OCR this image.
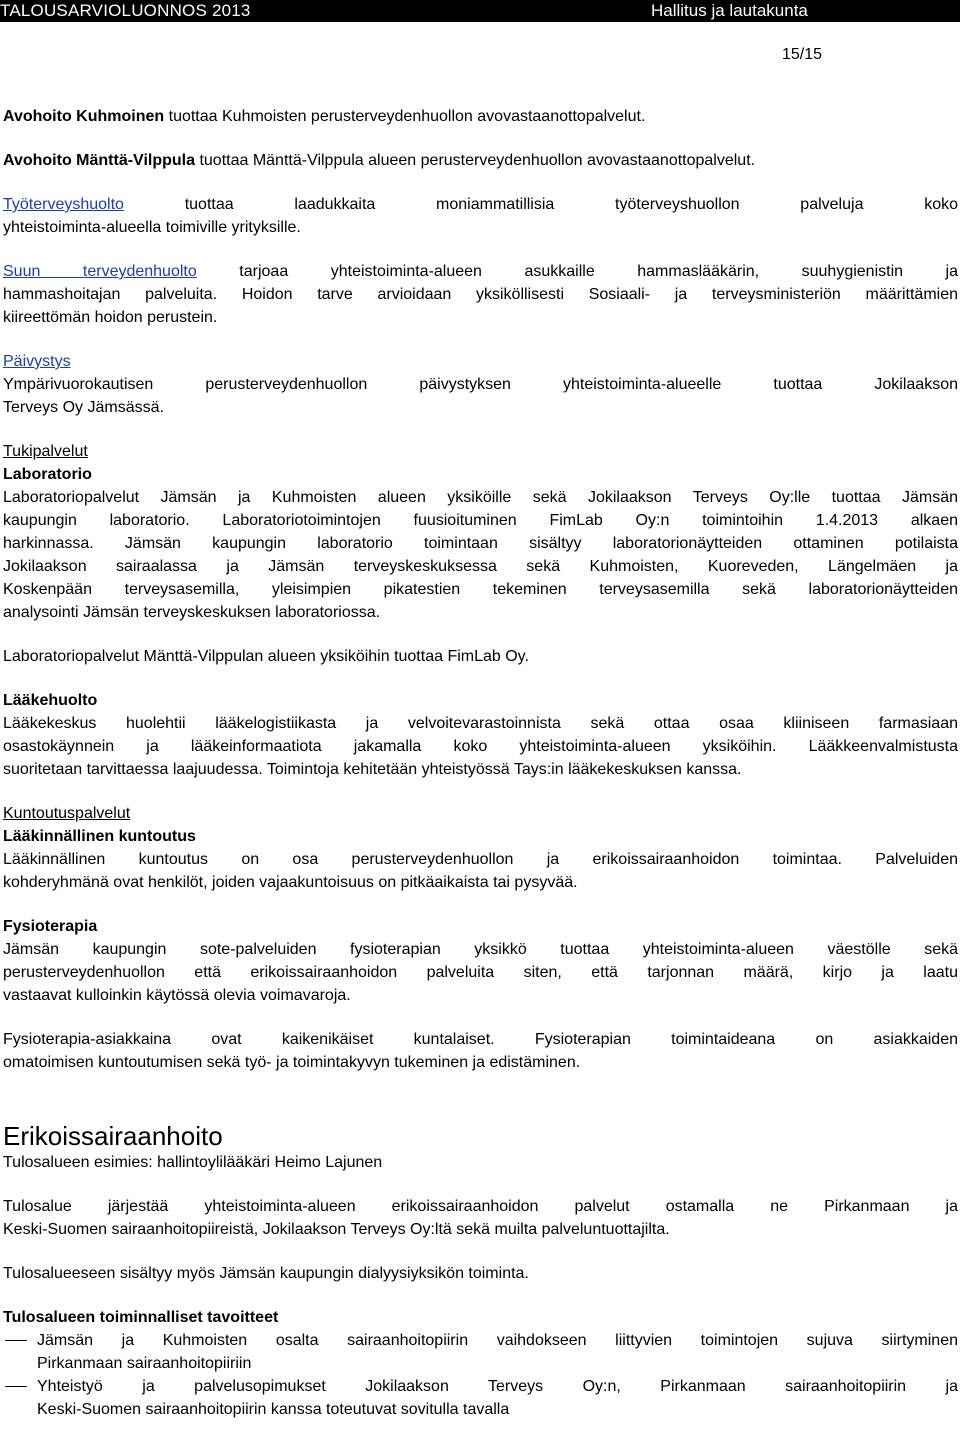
TALOUSARVIOLUONNOS 2013	Hallitus ja lautakunta
15/15

Avohoito Kuhmoinen tuottaa Kuhmoisten perusterveydenhuollon avovastaanottopalvelut.

Avohoito Mänttä-Vilppula tuottaa Mänttä-Vilppula alueen perusterveydenhuollon avovastaanottopalvelut.

Työterveyshuolto tuottaa laadukkaita moniammatillisia työterveyshuollon palveluja koko
yhteistoiminta-alueella toimiville yrityksille.

Suun terveydenhuolto tarjoaa yhteistoiminta-alueen asukkaille hammaslääkärin, suuhygienistin ja
hammashoitajan palveluita. Hoidon tarve arvioidaan yksiköllisesti Sosiaali- ja terveysministeriön määrittämien
kiireettömän hoidon perustein.

Päivystys

Ympärivuorokautisen perusterveydenhuollon päivystyksen yhteistoiminta-alueelle tuottaa Jokilaakson
Terveys Oy Jämsässä.

Tukipalvelut

Laboratorio

Laboratoriopalvelut Jämsän ja Kuhmoisten alueen yksiköille sekä Jokilaakson Terveys Oy:lle tuottaa Jämsän
kaupungin laboratorio. Laboratoriotoimintojen fuusioituminen FimLab Oy:n toimintoihin 1.4.2013 alkaen
harkinnassa. Jämsän kaupungin laboratorio toimintaan sisältyy laboratorionäytteiden ottaminen potilaista
Jokilaakson sairaalassa ja Jämsän terveyskeskuksessa sekä Kuhmoisten, Kuoreveden, Längelmäen ja
Koskenpään terveysasemilla, yleisimpien pikatestien tekeminen terveysasemilla sekä laboratorionäytteiden
analysointi Jämsän terveyskeskuksen laboratoriossa.

Laboratoriopalvelut Mänttä-Vilppulan alueen yksiköihin tuottaa FimLab Oy.

Lääkehuolto

Lääkekeskus huolehtii lääkelogistiikasta ja velvoitevarastoinnista sekä ottaa osaa kliiniseen farmasiaan
osastokäynnein ja lääkeinformaatiota jakamalla koko yhteistoiminta-alueen yksiköihin. Lääkkeenvalmistusta
suoritetaan tarvittaessa laajuudessa. Toimintoja kehitetään yhteistyössä Tays:in lääkekeskuksen kanssa.

Kuntoutuspalvelut

Lääkinnällinen kuntoutus

Lääkinnällinen kuntoutus on osa perusterveydenhuollon ja erikoissairaanhoidon toimintaa. Palveluiden
kohderyhmänä ovat henkilöt, joiden vajaakuntoisuus on pitkäaikaista tai pysyvää.

Fysioterapia

Jämsän kaupungin sote-palveluiden fysioterapian yksikkö tuottaa yhteistoiminta-alueen väestölle sekä
perusterveydenhuollon että erikoissairaanhoidon palveluita siten, että tarjonnan määrä, kirjo ja laatu
vastaavat kulloinkin käytössä olevia voimavaroja.

Fysioterapia-asiakkaina ovat kaikenikäiset kuntalaiset. Fysioterapian toimintaideana on asiakkaiden
omatoimisen kuntoutumisen sekä työ- ja toimintakyvyn tukeminen ja edistäminen.

Erikoissairaanhoito

Tulosalueen esimies: hallintoylilääkäri Heimo Lajunen

Tulosalue järjestää yhteistoiminta-alueen erikoissairaanhoidon palvelut ostamalla ne Pirkanmaan ja
Keski-Suomen sairaanhoitopiireistä, Jokilaakson Terveys Oy:ltä sekä muilta palveluntuottajilta.

Tulosalueeseen sisältyy myös Jämsän kaupungin dialyysiyksikön toiminta.

Tulosalueen toiminnalliset tavoitteet

Jämsän ja Kuhmoisten osalta sairaanhoitopiirin vaihdokseen liittyvien toimintojen sujuva siirtyminen
Pirkanmaan sairaanhoitopiiriin
Yhteistyö ja palvelusopimukset Jokilaakson Terveys Oy:n, Pirkanmaan sairaanhoitopiirin ja
Keski-Suomen sairaanhoitopiirin kanssa toteutuvat sovitulla tavalla
